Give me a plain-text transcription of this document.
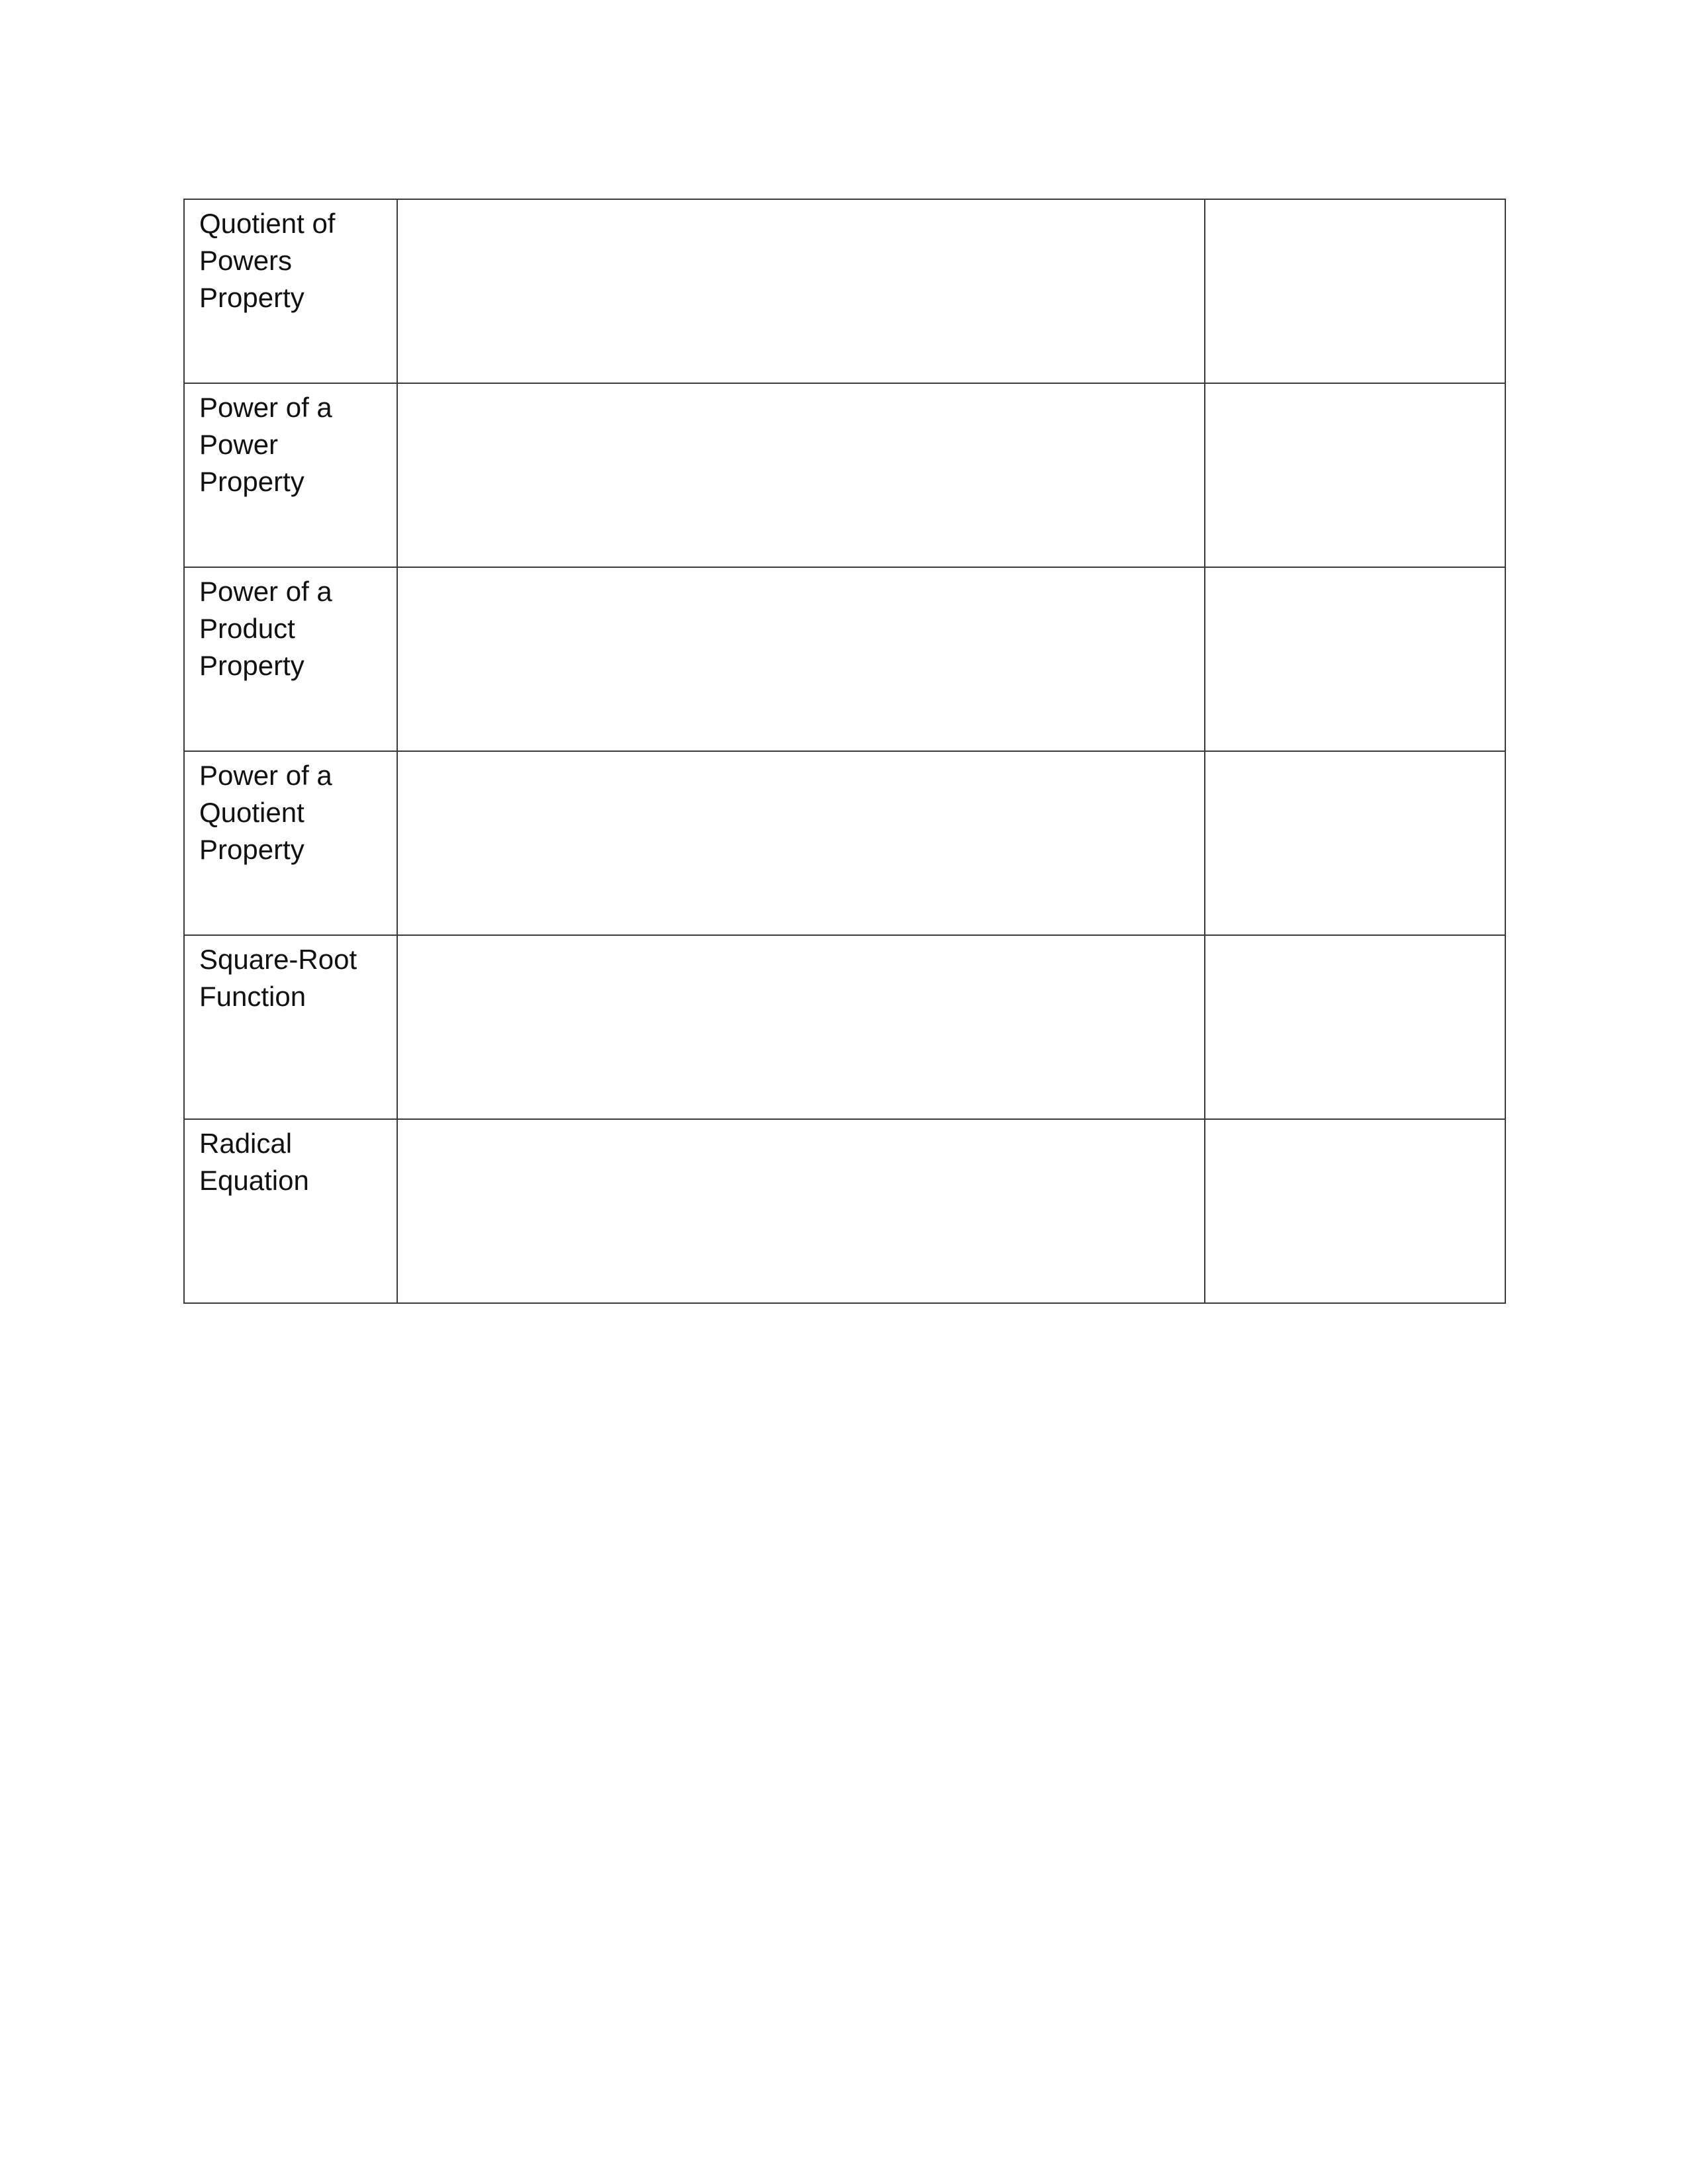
Quotient of Powers Property		

Power of a Power Property		

Power of a Product Property		

Power of a Quotient Property		

Square-Root Function		

Radical Equation		
